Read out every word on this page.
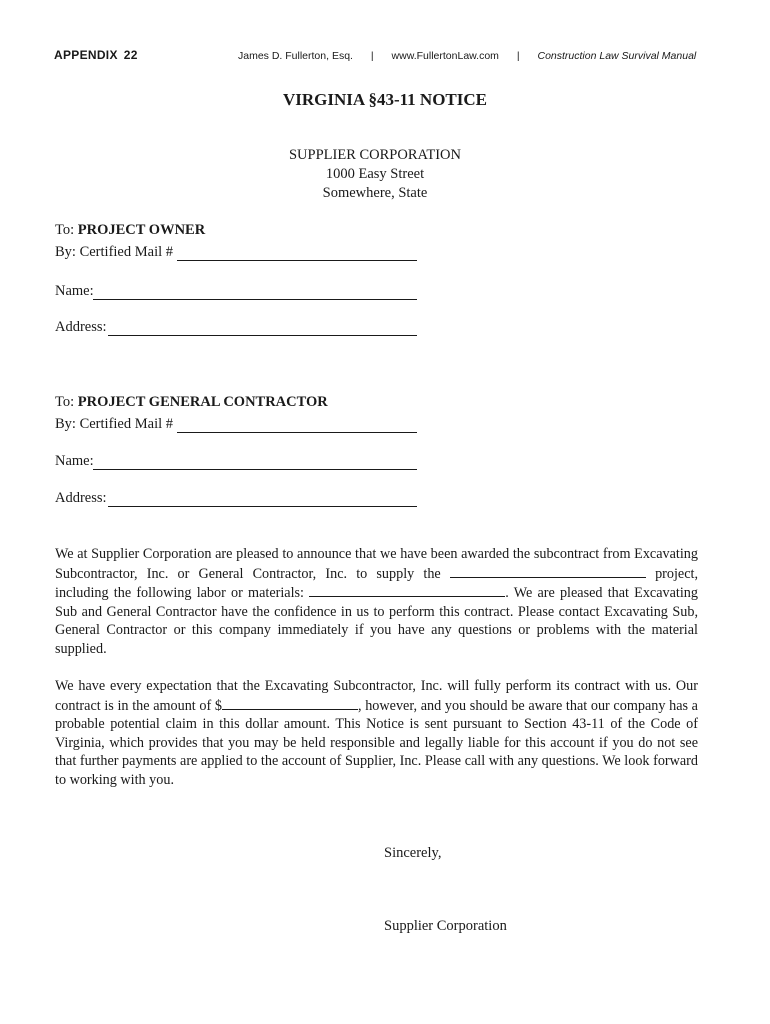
APPENDIX 22	James D. Fullerton, Esq. | www.FullertonLaw.com | Construction Law Survival Manual
VIRGINIA §43-11 NOTICE
SUPPLIER CORPORATION
1000 Easy Street
Somewhere, State
To: PROJECT OWNER
By: Certified Mail #
Name:
Address:
To: PROJECT GENERAL CONTRACTOR
By: Certified Mail #
Name:
Address:
We at Supplier Corporation are pleased to announce that we have been awarded the subcontract from Excavating Subcontractor, Inc. or General Contractor, Inc. to supply the	project, including the following labor or materials:	. We are pleased that Excavating Sub and General Contractor have the confidence in us to perform this contract. Please contact Excavating Sub, General Contractor or this company immediately if you have any questions or problems with the material supplied.
We have every expectation that the Excavating Subcontractor, Inc. will fully perform its contract with us. Our contract is in the amount of $	, however, and you should be aware that our company has a probable potential claim in this dollar amount. This Notice is sent pursuant to Section 43-11 of the Code of Virginia, which provides that you may be held responsible and legally liable for this account if you do not see that further payments are applied to the account of Supplier, Inc. Please call with any questions. We look forward to working with you.
Sincerely,
Supplier Corporation
